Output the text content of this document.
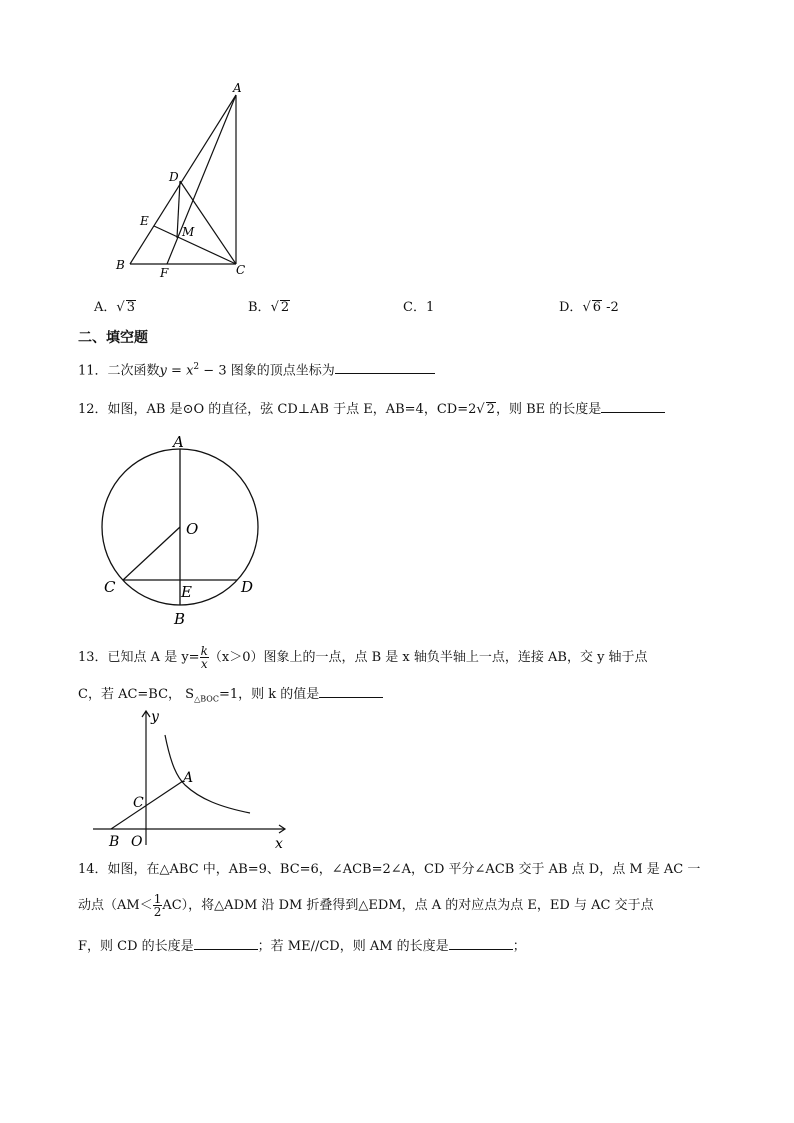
A
D
E
M
B
F	C
A．√ 3	B．√ 2	C．1	D．√ 6 -2
二、填空题
11．二次函数$y = x^2 - 3$ 图象的顶点坐标为
12．如图，AB 是⊙O 的直径，弦 CD⊥AB 于点 E，AB=4，CD=2√ 2，则 BE 的长度是
A
O
C	E	D
B
13．已知点 A 是 $y= \frac{k}{x} (x>0)$图象上的一点，点 B 是 x 轴负半轴上一点，连接 AB，交 y 轴于点
C，若 AC=BC， $S_{\triangle BOC}=1$，则 k 的值是
y
A
C
B O	x
14．如图，在△ABC 中，AB=9、BC=6，∠ACB=2∠A，CD 平分∠ACB 交于 AB 点 D，点 M 是 AC 一
动点$(AM< \frac{1}{2} AC)$，将△ADM 沿 DM 折叠得到△EDM，点 A 的对应点为点 E，ED 与 AC 交于点
F，则 CD 的长度是	；若 ME//CD，则 AM 的长度是	；
